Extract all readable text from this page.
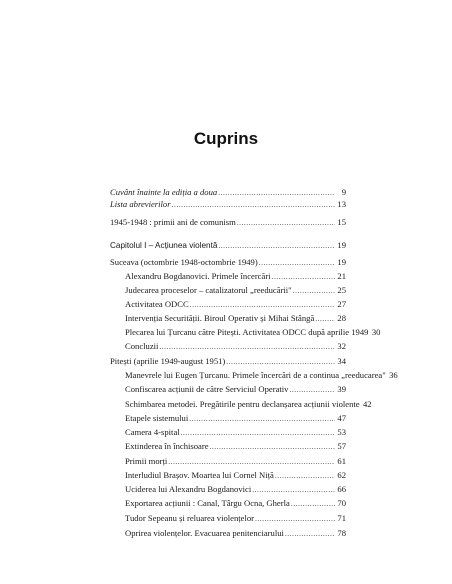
Cuprins
Cuvânt înainte la ediția a doua .....	9
Lista abrevierilor .....	13
1945-1948 : primii ani de comunism .....	15
Capitolul I – Acțiunea violentă .....	19
Suceava (octombrie 1948-octombrie 1949) .....	19
Alexandru Bogdanovici. Primele încercări .....	21
Judecarea proceselor – catalizatorul „reeducării" .....	25
Activitatea ODCC .....	27
Intervenția Securității. Biroul Operativ și Mihai Stângă .....	28
Plecarea lui Țurcanu către Pitești. Activitatea ODCC după aprilie 1949 30
Concluzii .....	32
Pitești (aprilie 1949-august 1951) .....	34
Manevrele lui Eugen Țurcanu. Primele încercări de a continua „reeducarea" 36
Confiscarea acțiunii de către Serviciul Operativ .....	39
Schimbarea metodei. Pregătirile pentru declanșarea acțiunii violente 42
Etapele sistemului .....	47
Camera 4-spital .....	53
Extinderea în închisoare .....	57
Primii morți .....	61
Interludiul Brașov. Moartea lui Cornel Niță .....	62
Uciderea lui Alexandru Bogdanovici .....	66
Exportarea acțiunii : Canal, Târgu Ocna, Gherla .....	70
Tudor Sepeanu și reluarea violențelor .....	71
Oprirea violențelor. Evacuarea penitenciarului .....	78
